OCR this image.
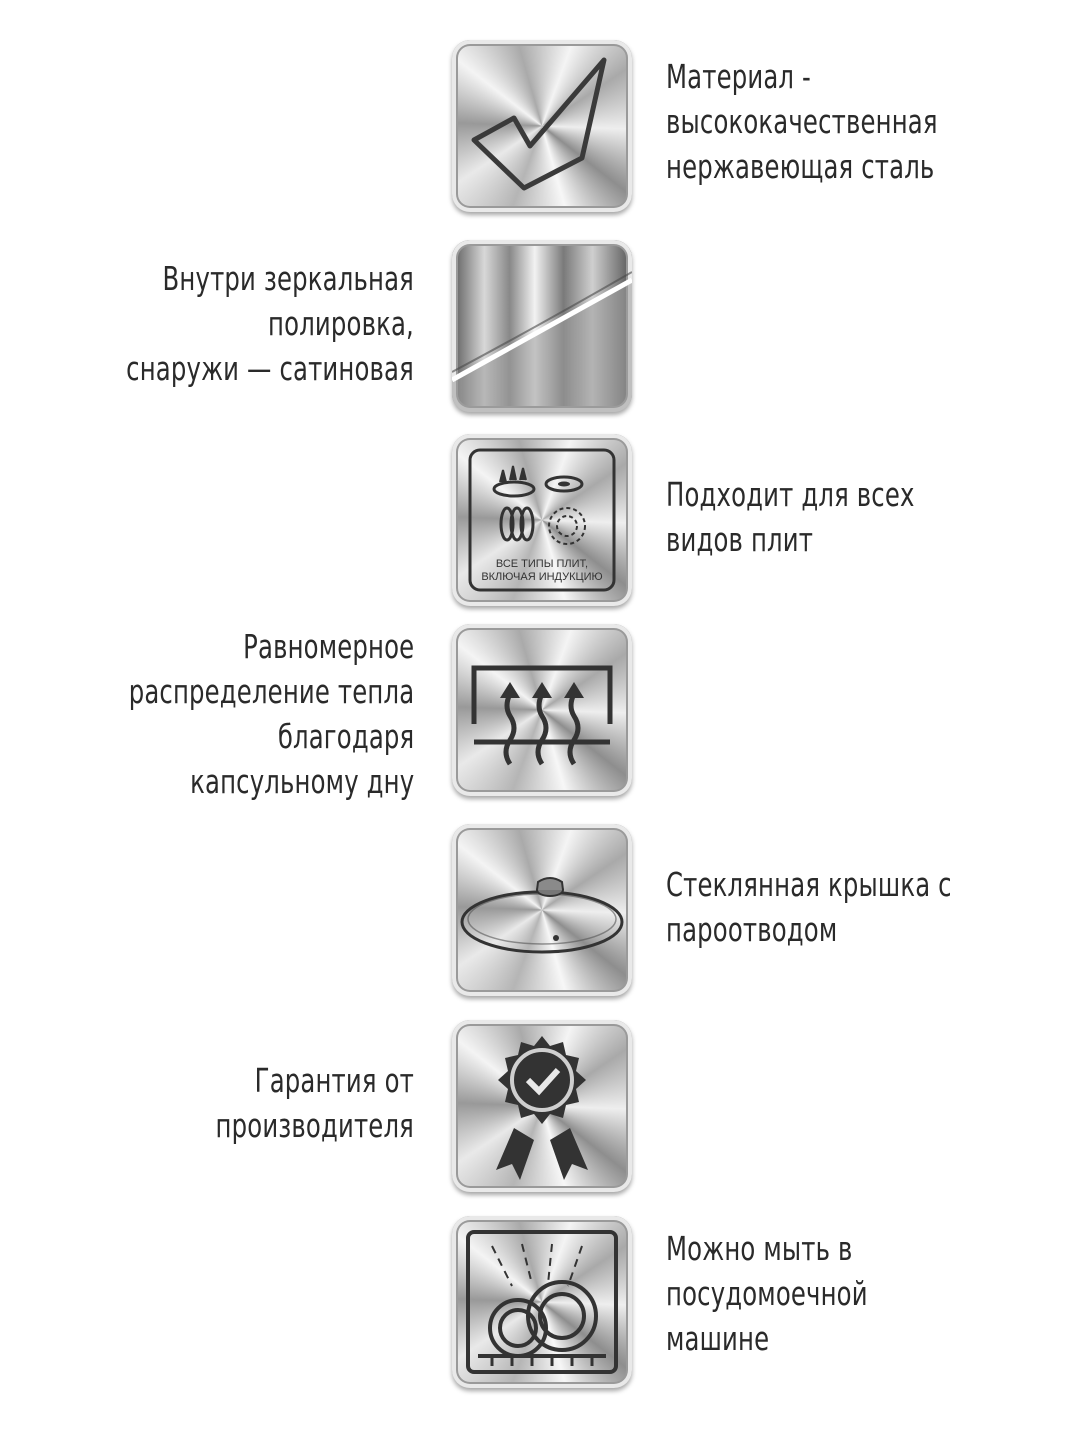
Материал -
высококачественная
нержавеющая сталь
Внутри зеркальная
полировка,
снаружи — сатиновая
ВСЕ ТИПЫ ПЛИТ,
ВКЛЮЧАЯ ИНДУКЦИЮ
Подходит для всех
видов плит
Равномерное
распределение тепла
благодаря
капсульному дну
Стеклянная крышка с
пароотводом
Гарантия от
производителя
Можно мыть в
посудомоечной
машине
